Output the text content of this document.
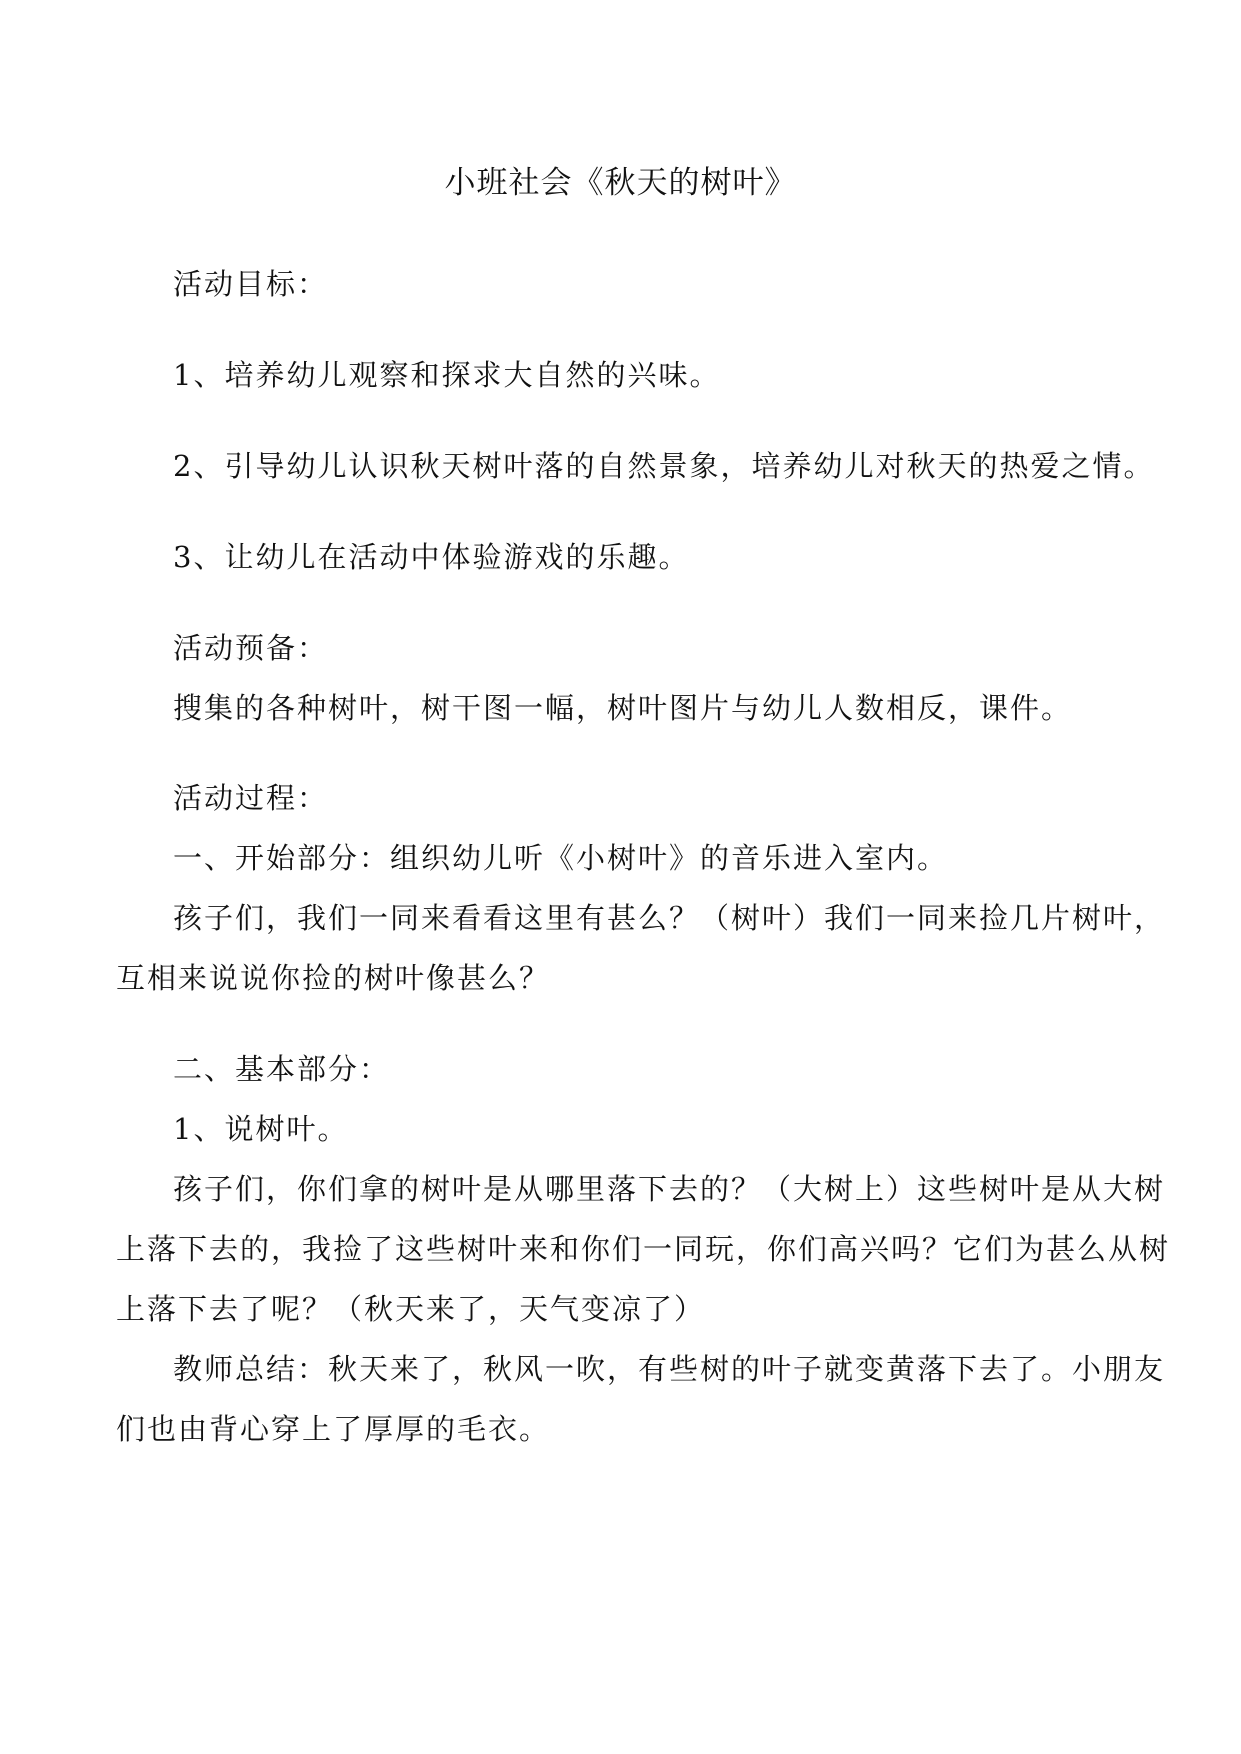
小班社会《秋天的树叶》
活动目标：
1、培养幼儿观察和探求大自然的兴味。
2、引导幼儿认识秋天树叶落的自然景象，培养幼儿对秋天的热爱之情。
3、让幼儿在活动中体验游戏的乐趣。
活动预备：
搜集的各种树叶，树干图一幅，树叶图片与幼儿人数相反，课件。
活动过程：
一、开始部分：组织幼儿听《小树叶》的音乐进入室内。
孩子们，我们一同来看看这里有甚么？（树叶）我们一同来捡几片树叶，
互相来说说你捡的树叶像甚么？
二、基本部分：
1、说树叶。
孩子们，你们拿的树叶是从哪里落下去的？（大树上）这些树叶是从大树
上落下去的，我捡了这些树叶来和你们一同玩，你们高兴吗？它们为甚么从树
上落下去了呢？（秋天来了，天气变凉了）
教师总结：秋天来了，秋风一吹，有些树的叶子就变黄落下去了。小朋友
们也由背心穿上了厚厚的毛衣。
